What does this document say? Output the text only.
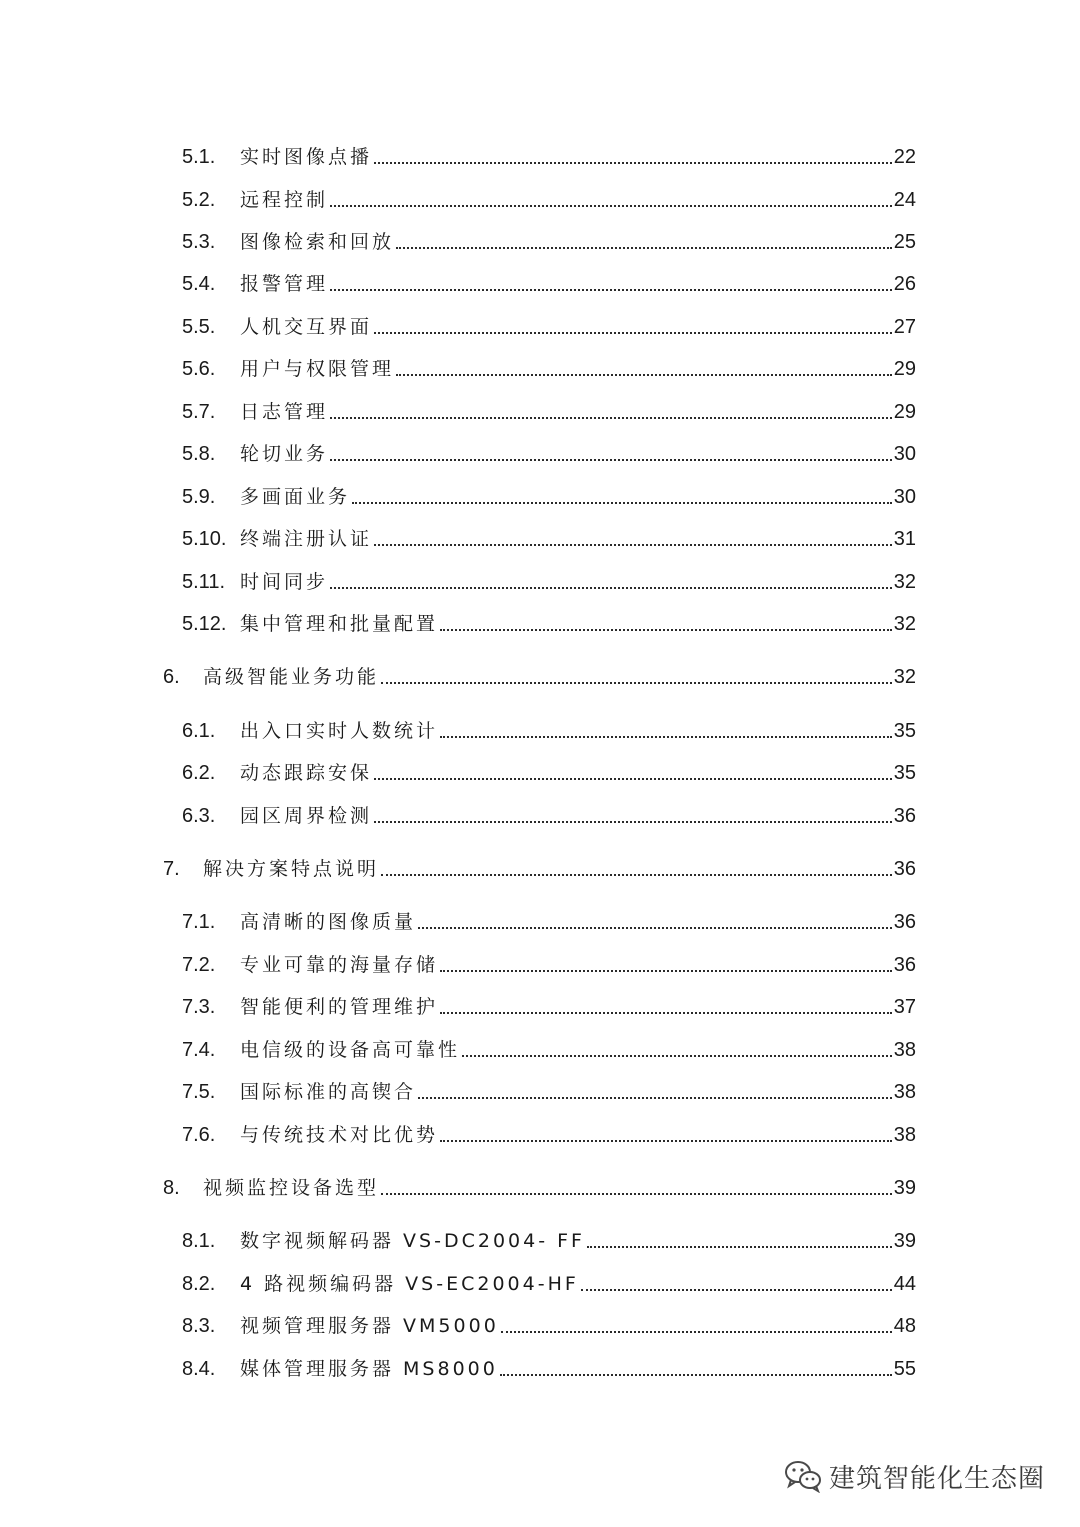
5.1.	实时图像点播	22
5.2.	远程控制	24
5.3.	图像检索和回放	25
5.4.	报警管理	26
5.5.	人机交互界面	27
5.6.	用户与权限管理	29
5.7.	日志管理	29
5.8.	轮切业务	30
5.9.	多画面业务	30
5.10. 终端注册认证	31
5.11. 时间同步	32
5.12. 集中管理和批量配置	32
6.	高级智能业务功能	32
6.1.	出入口实时人数统计	35
6.2.	动态跟踪安保	35
6.3.	园区周界检测	36
7.	解决方案特点说明	36
7.1.	高清晰的图像质量	36
7.2.	专业可靠的海量存储	36
7.3.	智能便利的管理维护	37
7.4.	电信级的设备高可靠性	38
7.5.	国际标准的高锲合	38
7.6.	与传统技术对比优势	38
8.	视频监控设备选型	39
8.1.	数字视频解码器 VS-DC2004- FF	39
8.2.	4 路视频编码器 VS-EC2004-HF	44
8.3.	视频管理服务器 VM5000	48
8.4.	媒体管理服务器 MS8000	55
建筑智能化生态圈
